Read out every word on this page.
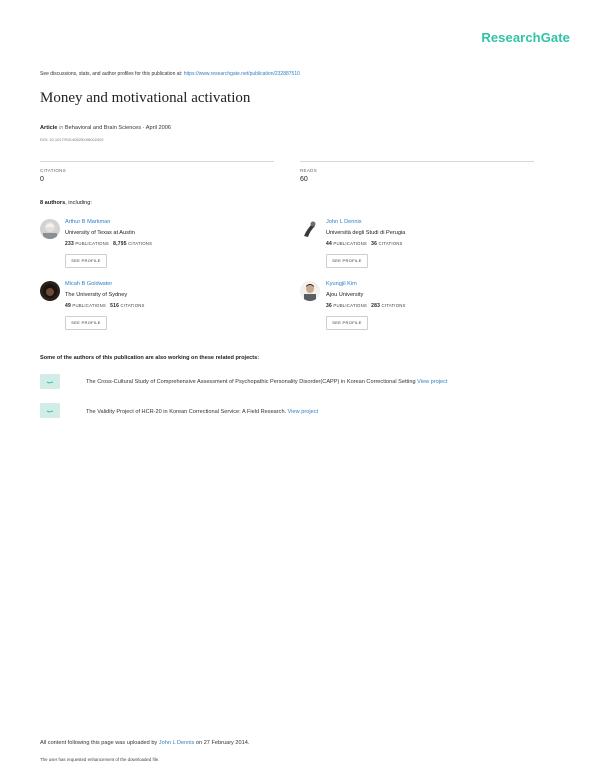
ResearchGate
See discussions, stats, and author profiles for this publication at: https://www.researchgate.net/publication/232887510
Money and motivational activation
Article in Behavioral and Brain Sciences · April 2006
DOI: 10.1017/S0140525X06002402
CITATIONS
0
READS
60
8 authors, including:
Arthur B Markman
University of Texas at Austin
233 PUBLICATIONS 8,795 CITATIONS
SEE PROFILE
John L Dennis
Università degli Studi di Perugia
44 PUBLICATIONS 36 CITATIONS
SEE PROFILE
Micah B Goldwater
The University of Sydney
49 PUBLICATIONS 516 CITATIONS
SEE PROFILE
Kyungjil Kim
Ajou University
36 PUBLICATIONS 283 CITATIONS
SEE PROFILE
Some of the authors of this publication are also working on these related projects:
The Cross-Cultural Study of Comprehensive Assessment of Psychopathic Personality Disorder(CAPP) in Korean Correctional Setting View project
The Validity Project of HCR-20 in Korean Correctional Service: A Field Research. View project
All content following this page was uploaded by John L Dennis on 27 February 2014.
The user has requested enhancement of the downloaded file.
